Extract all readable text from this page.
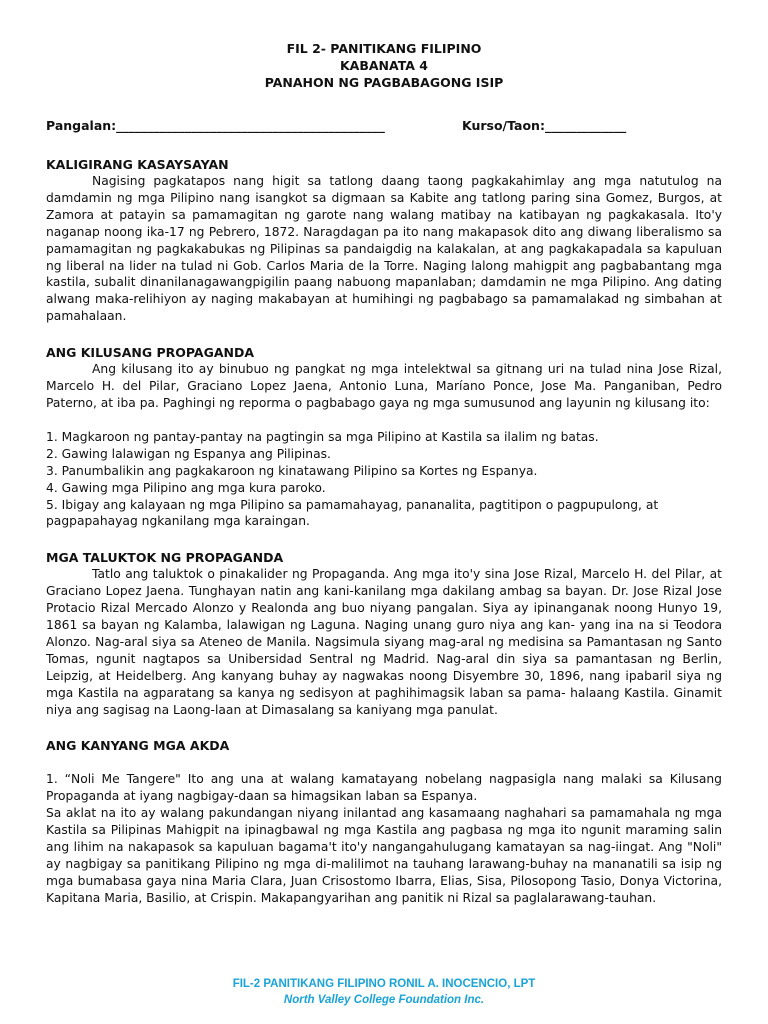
FIL 2- PANITIKANG FILIPINO
KABANATA 4
PANAHON NG PAGBABAGONG ISIP
Pangalan:___________________________________________	Kurso/Taon:_____________
KALIGIRANG KASAYSAYAN

Nagising pagkatapos nang higit sa tatlong daang taong pagkakahimlay ang mga natutulog na damdamin ng mga Pilipino nang isangkot sa digmaan sa Kabite ang tatlong paring sina Gomez, Burgos, at Zamora at patayin sa pamamagitan ng garote nang walang matibay na katibayan ng pagkakasala. Ito'y naganap noong ika-17 ng Pebrero, 1872. Naragdagan pa ito nang makapasok dito ang diwang liberalismo sa pamamagitan ng pagkakabukas ng Pilipinas sa pandaigdig na kalakalan, at ang pagkakapadala sa kapuluan ng liberal na lider na tulad ni Gob. Carlos Maria de la Torre. Naging lalong mahigpit ang pagbabantang mga kastila, subalit dinanilanagawangpigilin paang nabuong mapanlaban; damdamin ne mga Pilipino. Ang dating alwang maka-relihiyon ay naging makabayan at humihingi ng pagbabago sa pamamalakad ng simbahan at pamahalaan.

ANG KILUSANG PROPAGANDA

Ang kilusang ito ay binubuo ng pangkat ng mga intelektwal sa gitnang uri na tulad nina Jose Rizal, Marcelo H. del Pilar, Graciano Lopez Jaena, Antonio Luna, Maríano Ponce, Jose Ma. Panganiban, Pedro Paterno, at iba pa. Paghingi ng reporma o pagbabago gaya ng mga sumusunod ang layunin ng kilusang ito:

1. Magkaroon ng pantay-pantay na pagtingin sa mga Pilipino at Kastila sa ilalim ng batas.
2. Gawing lalawigan ng Espanya ang Pilipinas.
3. Panumbalikin ang pagkakaroon ng kinatawang Pilipino sa Kortes ng Espanya.
4. Gawing mga Pilipino ang mga kura paroko.
5. Ibigay ang kalayaan ng mga Pilipino sa pamamahayag, pananalita, pagtitipon o pagpupulong, at pagpapahayag ngkanilang mga karaingan.
MGA TALUKTOK NG PROPAGANDA

Tatlo ang taluktok o pinakalider ng Propaganda. Ang mga ito'y sina Jose Rizal, Marcelo H. del Pilar, at Graciano Lopez Jaena. Tunghayan natin ang kani-kanilang mga dakilang ambag sa bayan. Dr. Jose Rizal Jose Protacio Rizal Mercado Alonzo y Realonda ang buo niyang pangalan. Siya ay ipinanganak noong Hunyo 19, 1861 sa bayan ng Kalamba, lalawigan ng Laguna. Naging unang guro niya ang kan- yang ina na si Teodora Alonzo. Nag-aral siya sa Ateneo de Manila. Nagsimula siyang mag-aral ng medisina sa Pamantasan ng Santo Tomas, ngunit nagtapos sa Unibersidad Sentral ng Madrid. Nag-aral din siya sa pamantasan ng Berlin, Leipzig, at Heidelberg. Ang kanyang buhay ay nagwakas noong Disyembre 30, 1896, nang ipabaril siya ng mga Kastila na agparatang sa kanya ng sedisyon at paghihimagsik laban sa pama- halaang Kastila. Ginamit niya ang sagisag na Laong-laan at Dimasalang sa kaniyang mga panulat.

ANG KANYANG MGA AKDA

1. “Noli Me Tangere" Ito ang una at walang kamatayang nobelang nagpasigla nang malaki sa Kilusang Propaganda at iyang nagbigay-daan sa himagsikan laban sa Espanya.

Sa aklat na ito ay walang pakundangan niyang inilantad ang kasamaang naghahari sa pamamahala ng mga Kastila sa Pilipinas Mahigpit na ipinagbawal ng mga Kastila ang pagbasa ng mga ito ngunit maraming salin ang lihim na nakapasok sa kapuluan bagama't ito'y nangangahulugang kamatayan sa nag-iingat. Ang "Noli" ay nagbigay sa panitikang Pilipino ng mga di-malilimot na tauhang larawang-buhay na mananatili sa isip ng mga bumabasa gaya nina Maria Clara, Juan Crisostomo Ibarra, Elias, Sisa, Pilosopong Tasio, Donya Victorina, Kapitana Maria, Basilio, at Crispin. Makapangyarihan ang panitik ni Rizal sa paglalarawang-tauhan.

FIL-2 PANITIKANG FILIPINO RONIL A. INOCENCIO, LPT
North Valley College Foundation Inc.
